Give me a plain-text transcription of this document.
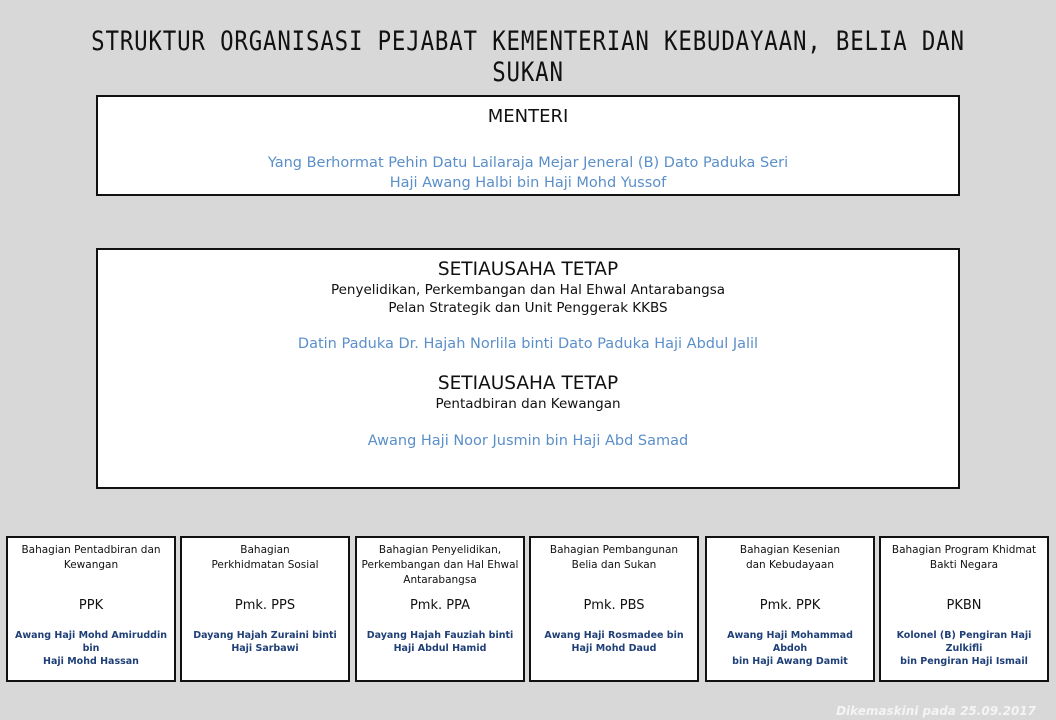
STRUKTUR ORGANISASI PEJABAT KEMENTERIAN KEBUDAYAAN, BELIA DAN SUKAN
MENTERI
Yang Berhormat Pehin Datu Lailaraja Mejar Jeneral (B) Dato Paduka Seri
Haji Awang Halbi bin Haji Mohd Yussof
SETIAUSAHA TETAP
Penyelidikan, Perkembangan dan Hal Ehwal Antarabangsa
Pelan Strategik dan Unit Penggerak KKBS
Datin Paduka Dr. Hajah Norlila binti Dato Paduka Haji Abdul Jalil
SETIAUSAHA TETAP
Pentadbiran dan Kewangan
Awang Haji Noor Jusmin bin Haji Abd Samad
Bahagian Pentadbiran dan
Kewangan
PPK
Awang Haji Mohd Amiruddin bin
Haji Mohd Hassan
Bahagian
Perkhidmatan Sosial
Pmk. PPS
Dayang Hajah Zuraini binti
Haji Sarbawi
Bahagian Penyelidikan,
Perkembangan dan Hal Ehwal
Antarabangsa
Pmk. PPA
Dayang Hajah Fauziah binti
Haji Abdul Hamid
Bahagian Pembangunan
Belia dan Sukan
Pmk. PBS
Awang Haji Rosmadee bin
Haji Mohd Daud
Bahagian Kesenian
dan Kebudayaan
Pmk. PPK
Awang Haji Mohammad Abdoh
bin Haji Awang Damit
Bahagian Program Khidmat
Bakti Negara
PKBN
Kolonel (B) Pengiran Haji Zulkifli
bin Pengiran Haji Ismail
Dikemaskini pada 25.09.2017
